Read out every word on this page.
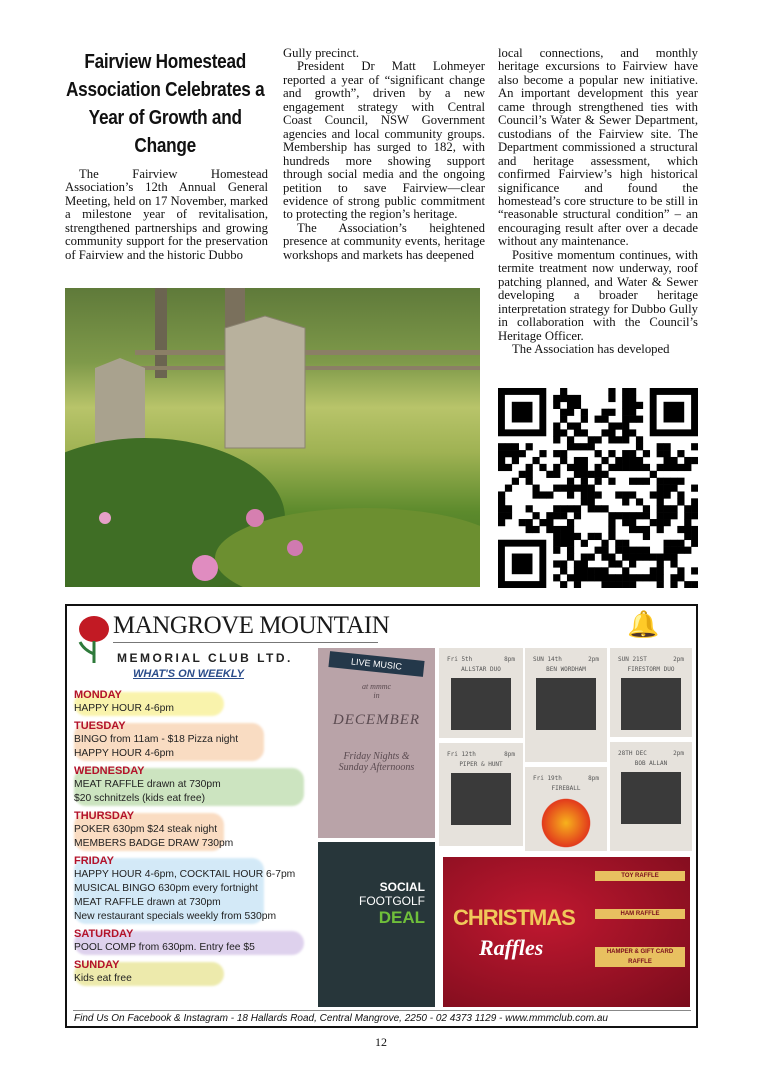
Fairview Homestead Association Celebrates a Year of Growth and Change

The Fairview Homestead Association’s 12th Annual General Meeting, held on 17 November, marked a milestone year of revitalisation, strengthened partnerships and growing community support for the preservation of Fairview and the historic Dubbo

Gully precinct.

President Dr Matt Lohmeyer reported a year of “significant change and growth”, driven by a new engagement strategy with Central Coast Council, NSW Government agencies and local community groups. Membership has surged to 182, with hundreds more showing support through social media and the ongoing petition to save Fairview—clear evidence of strong public commitment to protecting the region’s heritage.

The Association’s heightened presence at community events, heritage workshops and markets has deepened

local connections, and monthly heritage excursions to Fairview have also become a popular new initiative. An important development this year came through strengthened ties with Council’s Water & Sewer Department, custodians of the Fairview site. The Department commissioned a structural and heritage assessment, which confirmed Fairview’s high historical significance and found the homestead’s core structure to be still in “reasonable structural condition” – an encouraging result after over a decade without any maintenance.

Positive momentum continues, with termite treatment now underway, roof patching planned, and Water & Sewer developing a broader heritage interpretation strategy for Dubbo Gully in collaboration with the Council’s Heritage Officer.

The Association has developed

MANGROVE MOUNTAIN
MEMORIAL CLUB LTD.
WHAT'S ON WEEKLY
🔔
MONDAY
HAPPY HOUR 4-6pm
TUESDAY
BINGO from 11am - $18 Pizza night
HAPPY HOUR 4-6pm
WEDNESDAY
MEAT RAFFLE drawn at 730pm
$20 schnitzels (kids eat free)
THURSDAY
POKER 630pm $24 steak night
MEMBERS BADGE DRAW 730pm
FRIDAY
HAPPY HOUR 4-6pm, COCKTAIL HOUR 6-7pm
MUSICAL BINGO 630pm every fortnight
MEAT RAFFLE drawn at 730pm
New restaurant specials weekly from 530pm
SATURDAY
POOL COMP from 630pm. Entry fee $5
SUNDAY
Kids eat free
LIVE MUSIC
at mmmc
in
DECEMBER
Friday Nights & Sunday Afternoons
Fri 5th	8pm
ALLSTAR DUO
Fri 12th	8pm
PIPER & HUNT
SUN 14th	2pm
BEN WORDHAM
Fri 19th	8pm
FIREBALL
SUN 21ST	2pm
FIRESTORM DUO
28TH DEC	2pm
BOB ALLAN
SOCIAL
FOOTGOLF
DEAL CHRISTMAS
Raffles
TOY RAFFLE
HAM RAFFLE
HAMPER & GIFT CARD RAFFLE
Find Us On Facebook & Instagram - 18 Hallards Road, Central Mangrove, 2250 - 02 4373 1129 - www.mmmclub.com.au
12
